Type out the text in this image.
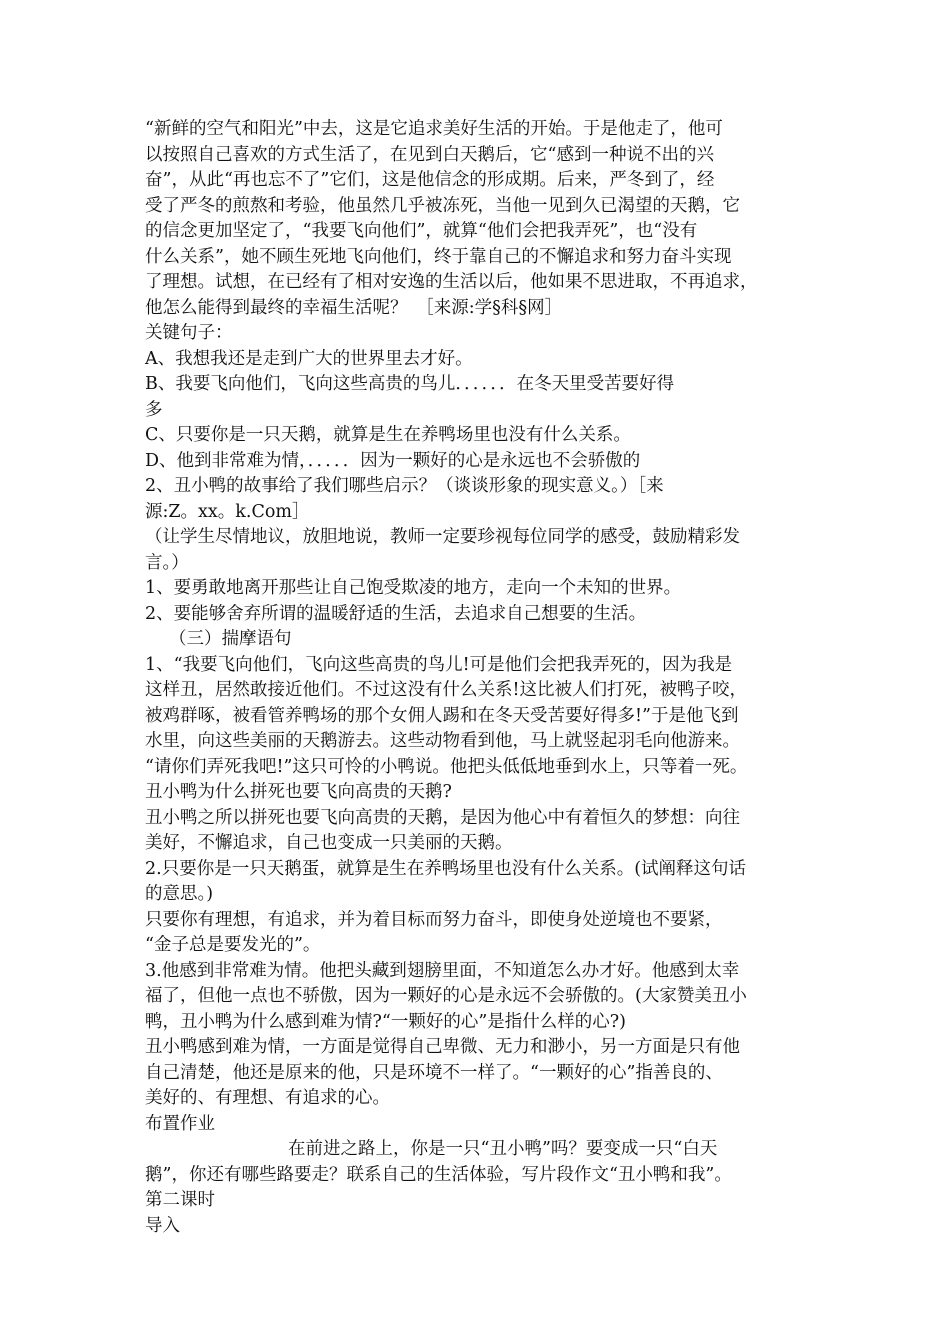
“新鲜的空气和阳光”中去，这是它追求美好生活的开始。于是他走了，他可
以按照自己喜欢的方式生活了，在见到白天鹅后，它“感到一种说不出的兴
奋”，从此“再也忘不了”它们，这是他信念的形成期。后来，严冬到了，经
受了严冬的煎熬和考验，他虽然几乎被冻死，当他一见到久已渴望的天鹅，它
的信念更加坚定了，“我要飞向他们”，就算“他们会把我弄死”，也“没有
什么关系”，她不顾生死地飞向他们，终于靠自己的不懈追求和努力奋斗实现
了理想。试想，在已经有了相对安逸的生活以后，他如果不思进取，不再追求，
他怎么能得到最终的幸福生活呢？　［来源:学§科§网］
关键句子：
A、我想我还是走到广大的世界里去才好。
B、我要飞向他们，飞向这些高贵的鸟儿．．．．．．在冬天里受苦要好得
多
C、只要你是一只天鹅，就算是生在养鸭场里也没有什么关系。
D、他到非常难为情，．．．．．因为一颗好的心是永远也不会骄傲的
2、丑小鸭的故事给了我们哪些启示？（谈谈形象的现实意义。）［来
源:Z。xx。k.Com］
（让学生尽情地议，放胆地说，教师一定要珍视每位同学的感受，鼓励精彩发
言。）
1、要勇敢地离开那些让自己饱受欺凌的地方，走向一个未知的世界。
2、要能够舍弃所谓的温暖舒适的生活，去追求自己想要的生活。
（三）揣摩语句
1、“我要飞向他们，飞向这些高贵的鸟儿!可是他们会把我弄死的，因为我是
这样丑，居然敢接近他们。不过这没有什么关系!这比被人们打死，被鸭子咬，
被鸡群啄，被看管养鸭场的那个女佣人踢和在冬天受苦要好得多!”于是他飞到
水里，向这些美丽的天鹅游去。这些动物看到他，马上就竖起羽毛向他游来。
“请你们弄死我吧!”这只可怜的小鸭说。他把头低低地垂到水上，只等着一死。
丑小鸭为什么拼死也要飞向高贵的天鹅?
丑小鸭之所以拼死也要飞向高贵的天鹅，是因为他心中有着恒久的梦想：向往
美好，不懈追求，自己也变成一只美丽的天鹅。
2.只要你是一只天鹅蛋，就算是生在养鸭场里也没有什么关系。(试阐释这句话
的意思。)
只要你有理想，有追求，并为着目标而努力奋斗，即使身处逆境也不要紧，
“金子总是要发光的”。
3.他感到非常难为情。他把头藏到翅膀里面，不知道怎么办才好。他感到太幸
福了，但他一点也不骄傲，因为一颗好的心是永远不会骄傲的。(大家赞美丑小
鸭，丑小鸭为什么感到难为情?“一颗好的心”是指什么样的心?)
丑小鸭感到难为情，一方面是觉得自己卑微、无力和渺小，另一方面是只有他
自己清楚，他还是原来的他，只是环境不一样了。“一颗好的心”指善良的、
美好的、有理想、有追求的心。
布置作业
在前进之路上，你是一只“丑小鸭”吗？要变成一只“白天
鹅”，你还有哪些路要走？联系自己的生活体验，写片段作文“丑小鸭和我”。
第二课时
导入
